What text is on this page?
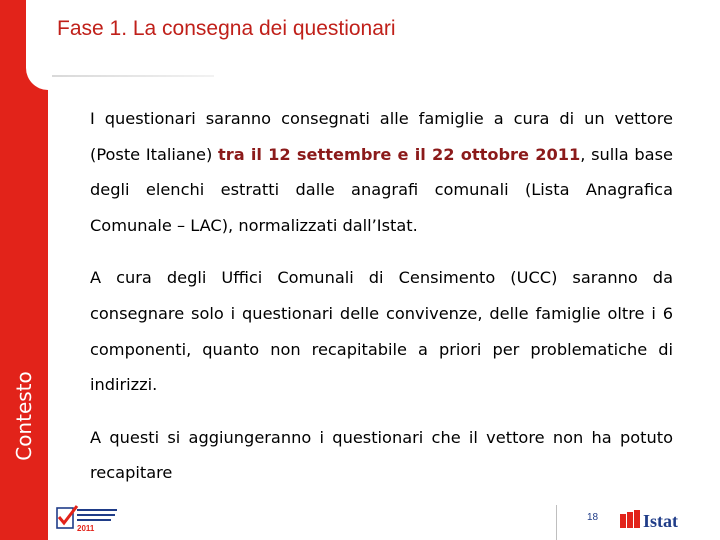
Contesto
Fase 1. La consegna dei questionari

I questionari saranno consegnati alle famiglie a cura di un vettore (Poste Italiane) tra il 12 settembre e il 22 ottobre 2011, sulla base degli elenchi estratti dalle anagrafi comunali (Lista Anagrafica Comunale – LAC), normalizzati dall’Istat.

A cura degli Uffici Comunali di Censimento (UCC) saranno da consegnare solo i questionari delle convivenze, delle famiglie oltre i 6 componenti, quanto non recapitabile a priori per problematiche di indirizzi.

A questi si aggiungeranno i questionari che il vettore non ha potuto recapitare

2011
18 Istat
